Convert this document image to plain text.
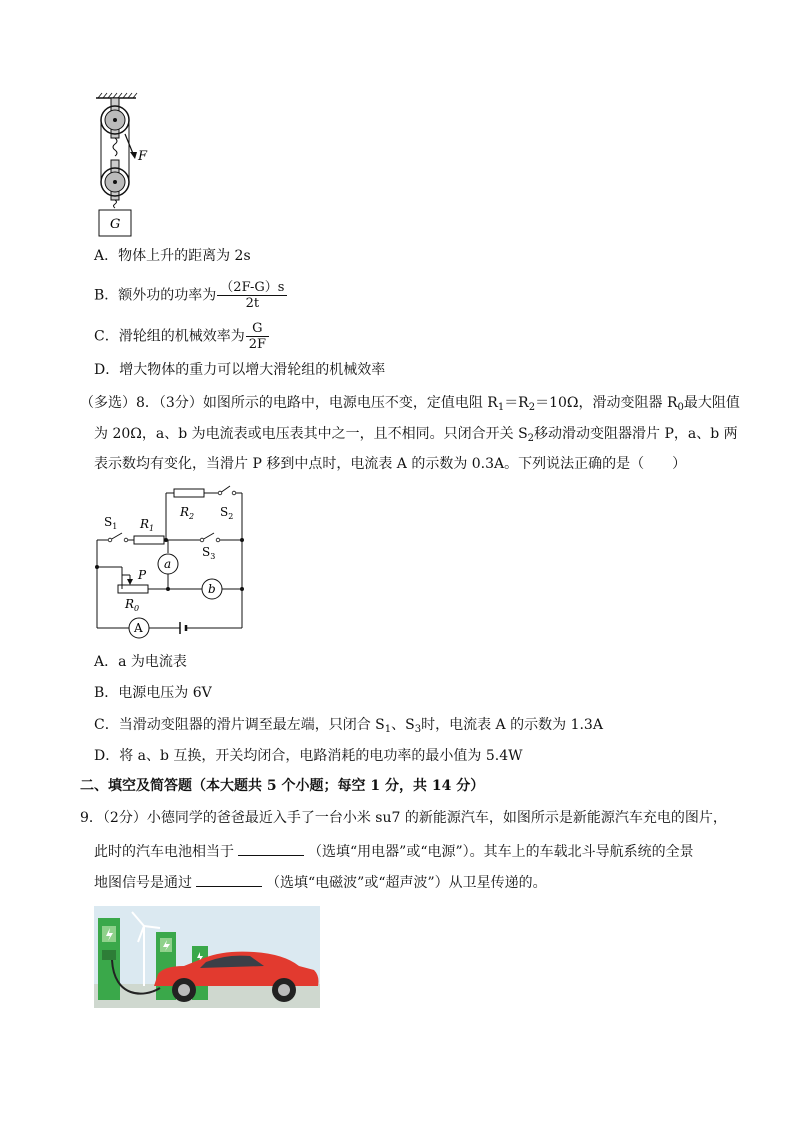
F
G
A．物体上升的距离为 2s
B．额外功的功率为 $\frac{(2F-G)s}{2t}$
C．滑轮组的机械效率为 $\frac{G}{2F}$
D．增大物体的重力可以增大滑轮组的机械效率
（多选）8．（3分）如图所示的电路中，电源电压不变，定值电阻 $R_1=R_2=10\Omega$，滑动变阻器 $R_0$最大阻值
为 20Ω，a、b 为电流表或电压表其中之一，且不相同。只闭合开关 $S_2$移动滑动变阻器滑片 P，a、b 两
表示数均有变化，当滑片 P 移到中点时，电流表 A 的示数为 0.3A。下列说法正确的是（　　）
$R_2$ $S_2$
$S_1$ $R_1$
$S_3$
P
$R_0$
a
b
A
A．a 为电流表
B．电源电压为 6V
C．当滑动变阻器的滑片调至最左端，只闭合 $S_1$、$S_3$时，电流表 A 的示数为 1.3A
D．将 a、b 互换，开关均闭合，电路消耗的电功率的最小值为 5.4W
二、填空及简答题（本大题共 5 个小题；每空 1 分，共 14 分）
9．（2分）小德同学的爸爸最近入手了一台小米 su7 的新能源汽车，如图所示是新能源汽车充电的图片，
此时的汽车电池相当于	（选填“用电器”或“电源”）。其车上的车载北斗导航系统的全景
地图信号是通过	（选填“电磁波”或“超声波”）从卫星传递的。
